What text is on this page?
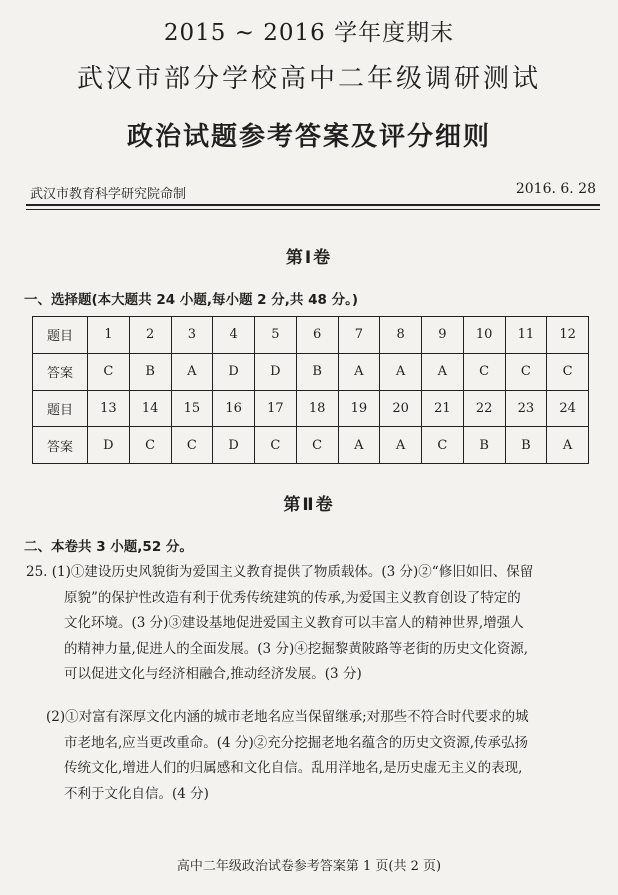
2015 ~ 2016 学年度期末
武汉市部分学校高中二年级调研测试
政治试题参考答案及评分细则
武汉市教育科学研究院命制	2016. 6. 28
第Ⅰ卷
一、选择题(本大题共 24 小题,每小题 2 分,共 48 分。)
题目	1	2	3	4	5	6	7	8	9	10	11	12
答案	C	B	A	D	D	B	A	A	A	C	C	C
题目	13	14	15	16	17	18	19	20	21	22	23	24
答案	D	C	C	D	C	C	A	A	C	B	B	A
第Ⅱ卷
二、本卷共 3 小题,52 分。
25. (1)①建设历史风貌街为爱国主义教育提供了物质载体。(3 分)②“修旧如旧、保留
原貌”的保护性改造有利于优秀传统建筑的传承,为爱国主义教育创设了特定的
文化环境。(3 分)③建设基地促进爱国主义教育可以丰富人的精神世界,增强人
的精神力量,促进人的全面发展。(3 分)④挖掘黎黄陂路等老街的历史文化资源,
可以促进文化与经济相融合,推动经济发展。(3 分)
(2)①对富有深厚文化内涵的城市老地名应当保留继承;对那些不符合时代要求的城
市老地名,应当更改重命。(4 分)②充分挖掘老地名蕴含的历史文资源,传承弘扬
传统文化,增进人们的归属感和文化自信。乱用洋地名,是历史虚无主义的表现,
不利于文化自信。(4 分)
高中二年级政治试卷参考答案第 1 页(共 2 页)
